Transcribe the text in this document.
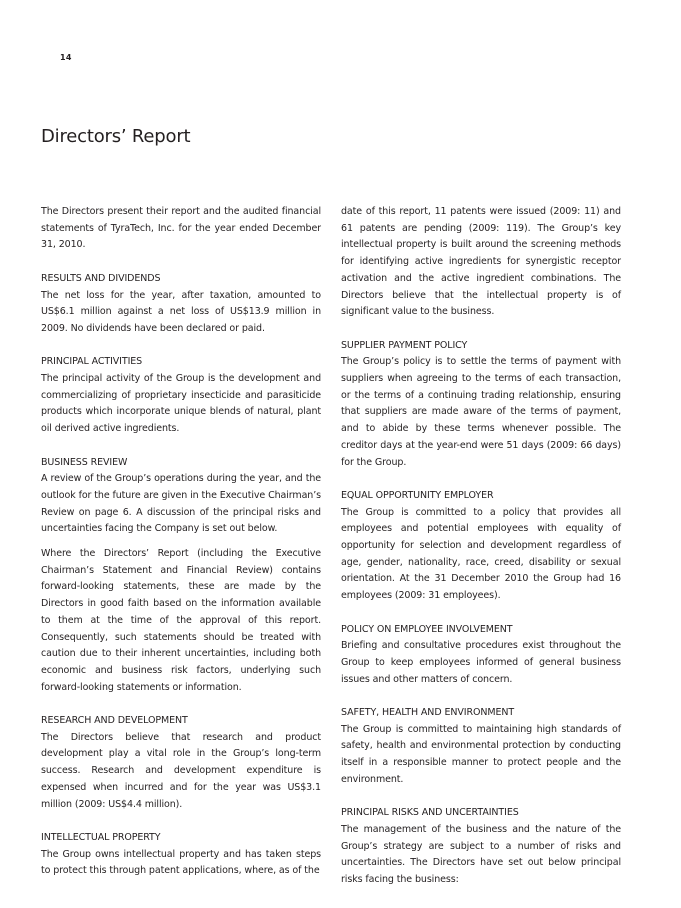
14
Directors’ Report

The Directors present their report and the audited financial statements of TyraTech, Inc. for the year ended December 31, 2010.

RESULTS AND DIVIDENDS

The net loss for the year, after taxation, amounted to US$6.1 million against a net loss of US$13.9 million in 2009. No dividends have been declared or paid.

PRINCIPAL ACTIVITIES

The principal activity of the Group is the development and commercializing of proprietary insecticide and parasiticide products which incorporate unique blends of natural, plant oil derived active ingredients.

BUSINESS REVIEW

A review of the Group’s operations during the year, and the outlook for the future are given in the Executive Chairman’s Review on page 6. A discussion of the principal risks and uncertainties facing the Company is set out below.

Where the Directors’ Report (including the Executive Chairman’s Statement and Financial Review) contains forward-looking statements, these are made by the Directors in good faith based on the information available to them at the time of the approval of this report. Consequently, such statements should be treated with caution due to their inherent uncertainties, including both economic and business risk factors, underlying such forward-looking statements or information.

RESEARCH AND DEVELOPMENT

The Directors believe that research and product development play a vital role in the Group’s long-term success. Research and development expenditure is expensed when incurred and for the year was US$3.1 million (2009: US$4.4 million).

INTELLECTUAL PROPERTY

The Group owns intellectual property and has taken steps to protect this through patent applications, where, as of the

date of this report, 11 patents were issued (2009: 11) and 61 patents are pending (2009: 119). The Group’s key intellectual property is built around the screening methods for identifying active ingredients for synergistic receptor activation and the active ingredient combinations. The Directors believe that the intellectual property is of significant value to the business.

SUPPLIER PAYMENT POLICY

The Group’s policy is to settle the terms of payment with suppliers when agreeing to the terms of each transaction, or the terms of a continuing trading relationship, ensuring that suppliers are made aware of the terms of payment, and to abide by these terms whenever possible. The creditor days at the year-end were 51 days (2009: 66 days) for the Group.

EQUAL OPPORTUNITY EMPLOYER

The Group is committed to a policy that provides all employees and potential employees with equality of opportunity for selection and development regardless of age, gender, nationality, race, creed, disability or sexual orientation. At the 31 December 2010 the Group had 16 employees (2009: 31 employees).

POLICY ON EMPLOYEE INVOLVEMENT

Briefing and consultative procedures exist throughout the Group to keep employees informed of general business issues and other matters of concern.

SAFETY, HEALTH AND ENVIRONMENT

The Group is committed to maintaining high standards of safety, health and environmental protection by conducting itself in a responsible manner to protect people and the environment.

PRINCIPAL RISKS AND UNCERTAINTIES

The management of the business and the nature of the Group’s strategy are subject to a number of risks and uncertainties. The Directors have set out below principal risks facing the business:
